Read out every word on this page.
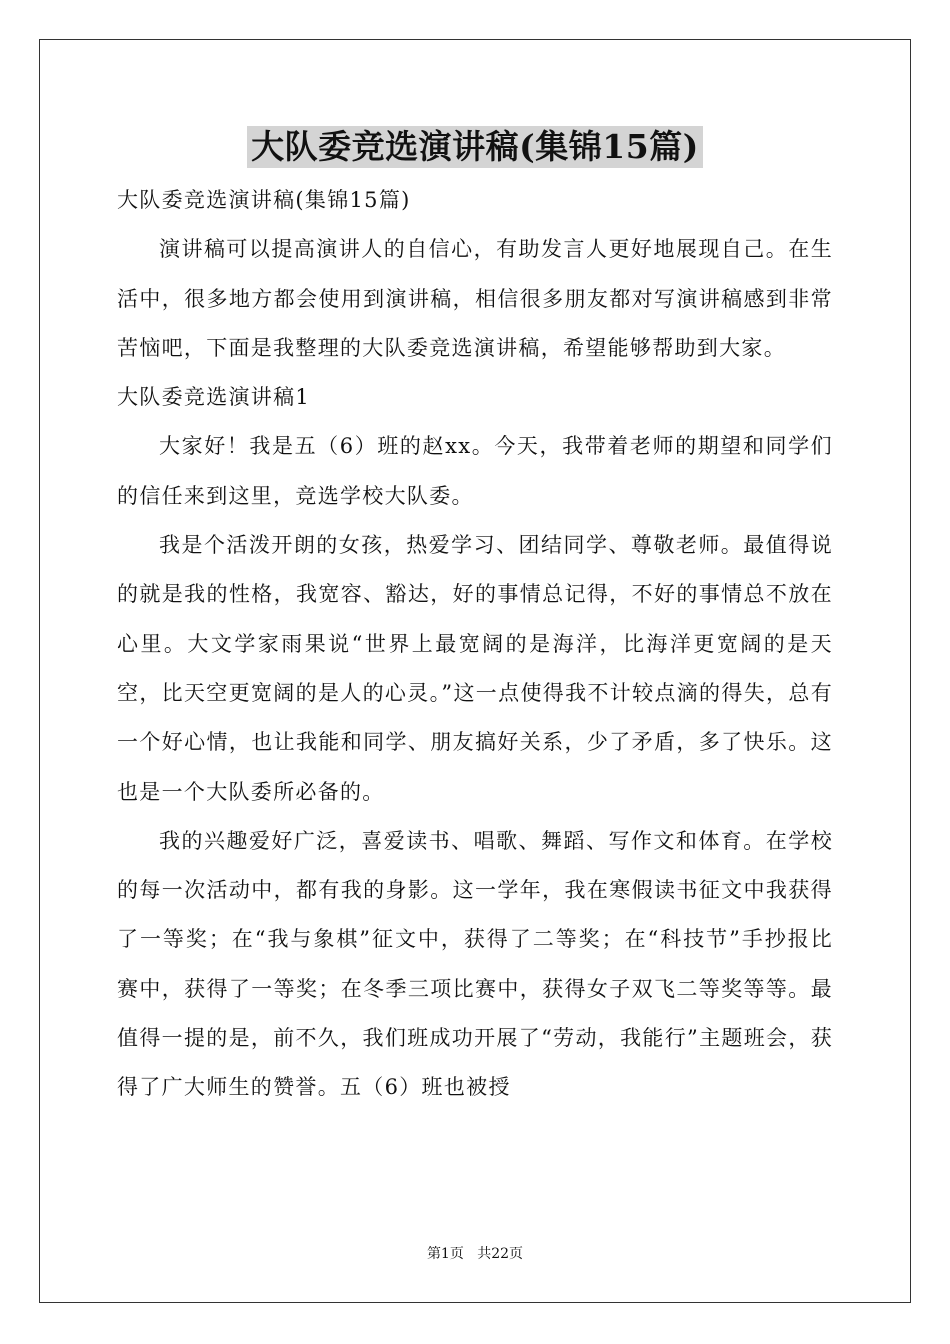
大队委竞选演讲稿(集锦15篇)

大队委竞选演讲稿(集锦15篇)

演讲稿可以提高演讲人的自信心，有助发言人更好地展现自己。在生活中，很多地方都会使用到演讲稿，相信很多朋友都对写演讲稿感到非常苦恼吧，下面是我整理的大队委竞选演讲稿，希望能够帮助到大家。

大队委竞选演讲稿1

大家好！我是五（6）班的赵xx。今天，我带着老师的期望和同学们的信任来到这里，竞选学校大队委。

我是个活泼开朗的女孩，热爱学习、团结同学、尊敬老师。最值得说的就是我的性格，我宽容、豁达，好的事情总记得，不好的事情总不放在心里。大文学家雨果说“世界上最宽阔的是海洋，比海洋更宽阔的是天空，比天空更宽阔的是人的心灵。”这一点使得我不计较点滴的得失，总有一个好心情，也让我能和同学、朋友搞好关系，少了矛盾，多了快乐。这也是一个大队委所必备的。

我的兴趣爱好广泛，喜爱读书、唱歌、舞蹈、写作文和体育。在学校的每一次活动中，都有我的身影。这一学年，我在寒假读书征文中我获得了一等奖；在“我与象棋”征文中，获得了二等奖；在“科技节”手抄报比赛中，获得了一等奖；在冬季三项比赛中，获得女子双飞二等奖等等。最值得一提的是，前不久，我们班成功开展了“劳动，我能行”主题班会，获得了广大师生的赞誉。五（6）班也被授

第1页 共22页
